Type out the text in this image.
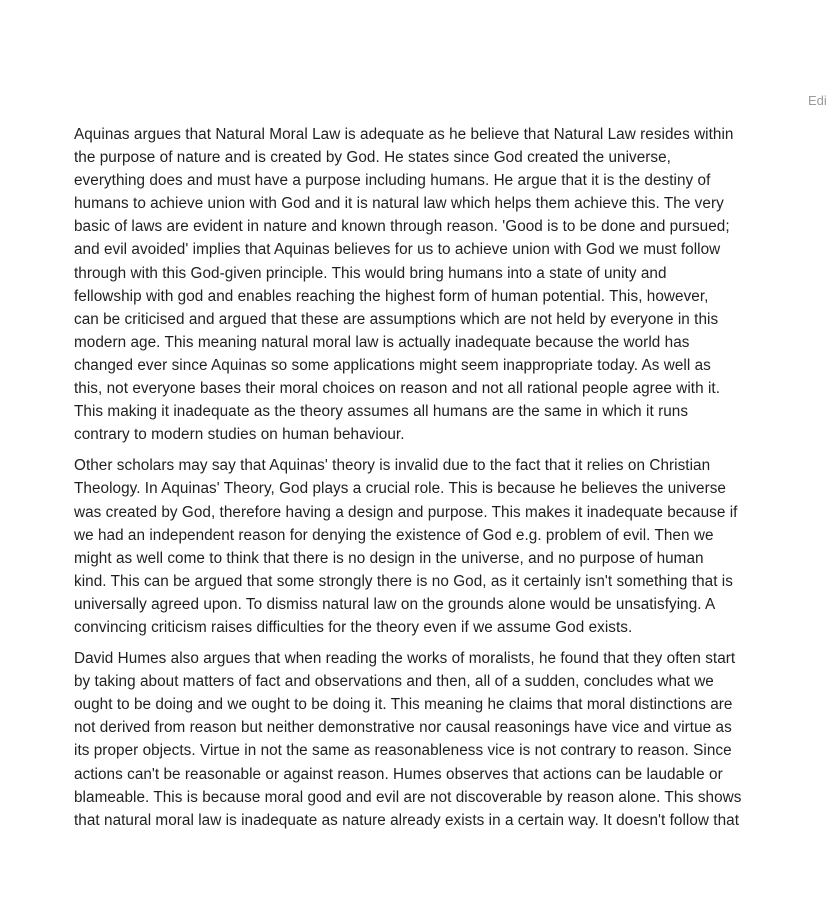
Edi

Aquinas argues that Natural Moral Law is adequate as he believe that Natural Law resides within
the purpose of nature and is created by God. He states since God created the universe,
everything does and must have a purpose including humans. He argue that it is the destiny of
humans to achieve union with God and it is natural law which helps them achieve this. The very
basic of laws are evident in nature and known through reason. 'Good is to be done and pursued;
and evil avoided' implies that Aquinas believes for us to achieve union with God we must follow
through with this God-given principle. This would bring humans into a state of unity and
fellowship with god and enables reaching the highest form of human potential. This, however,
can be criticised and argued that these are assumptions which are not held by everyone in this
modern age. This meaning natural moral law is actually inadequate because the world has
changed ever since Aquinas so some applications might seem inappropriate today. As well as
this, not everyone bases their moral choices on reason and not all rational people agree with it.
This making it inadequate as the theory assumes all humans are the same in which it runs
contrary to modern studies on human behaviour.

Other scholars may say that Aquinas' theory is invalid due to the fact that it relies on Christian
Theology. In Aquinas' Theory, God plays a crucial role. This is because he believes the universe
was created by God, therefore having a design and purpose. This makes it inadequate because if
we had an independent reason for denying the existence of God e.g. problem of evil. Then we
might as well come to think that there is no design in the universe, and no purpose of human
kind. This can be argued that some strongly there is no God, as it certainly isn't something that is
universally agreed upon. To dismiss natural law on the grounds alone would be unsatisfying. A
convincing criticism raises difficulties for the theory even if we assume God exists.

David Humes also argues that when reading the works of moralists, he found that they often start
by taking about matters of fact and observations and then, all of a sudden, concludes what we
ought to be doing and we ought to be doing it. This meaning he claims that moral distinctions are
not derived from reason but neither demonstrative nor causal reasonings have vice and virtue as
its proper objects. Virtue in not the same as reasonableness vice is not contrary to reason. Since
actions can't be reasonable or against reason. Humes observes that actions can be laudable or
blameable. This is because moral good and evil are not discoverable by reason alone. This shows
that natural moral law is inadequate as nature already exists in a certain way. It doesn't follow that
